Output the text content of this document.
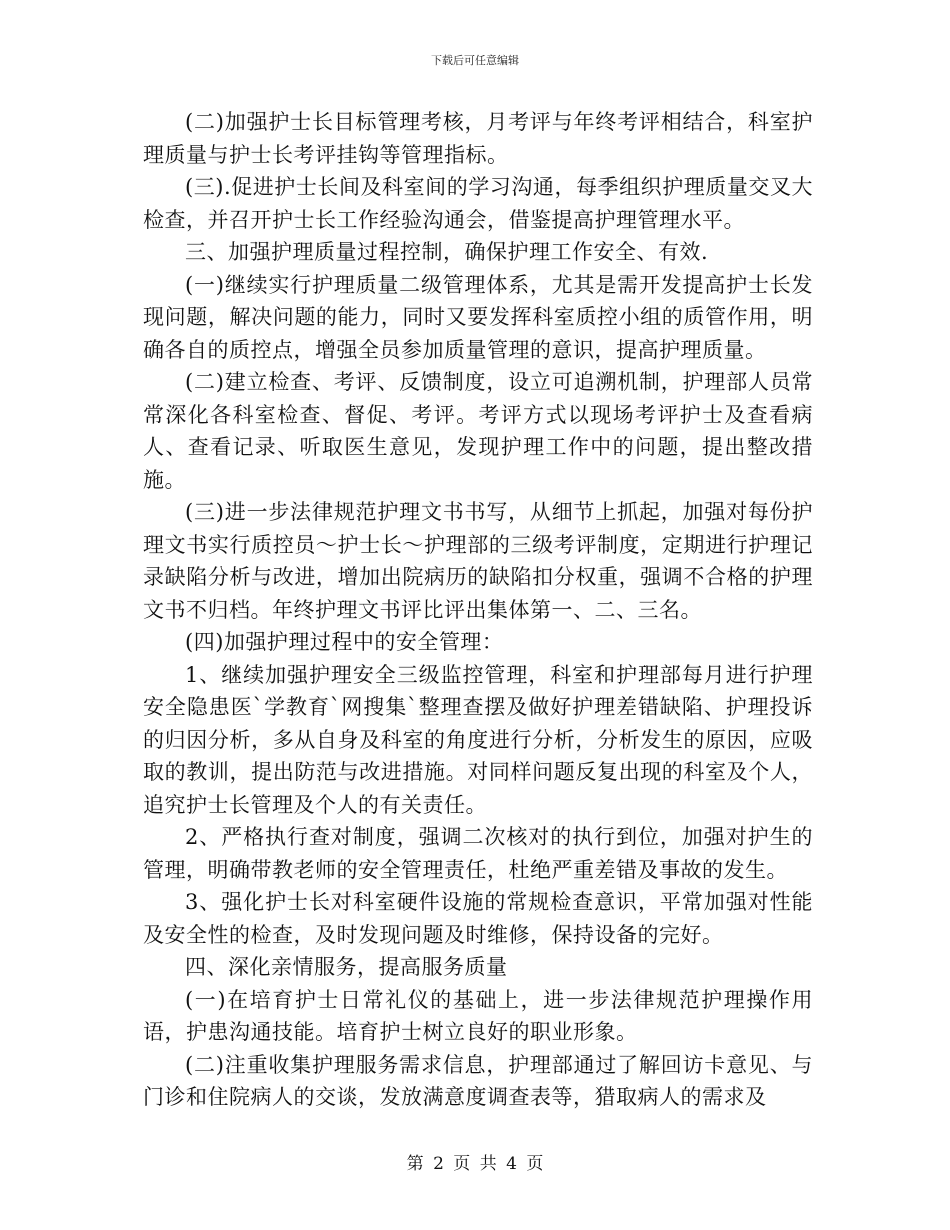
下载后可任意编辑

(二)加强护士长目标管理考核，月考评与年终考评相结合，科室护理质量与护士长考评挂钩等管理指标。

(三).促进护士长间及科室间的学习沟通，每季组织护理质量交叉大检查，并召开护士长工作经验沟通会，借鉴提高护理管理水平。

三、加强护理质量过程控制，确保护理工作安全、有效.

(一)继续实行护理质量二级管理体系，尤其是需开发提高护士长发现问题，解决问题的能力，同时又要发挥科室质控小组的质管作用，明确各自的质控点，增强全员参加质量管理的意识，提高护理质量。

(二)建立检查、考评、反馈制度，设立可追溯机制，护理部人员常常深化各科室检查、督促、考评。考评方式以现场考评护士及查看病人、查看记录、听取医生意见，发现护理工作中的问题，提出整改措施。

(三)进一步法律规范护理文书书写，从细节上抓起，加强对每份护理文书实行质控员～护士长～护理部的三级考评制度，定期进行护理记录缺陷分析与改进，增加出院病历的缺陷扣分权重，强调不合格的护理文书不归档。年终护理文书评比评出集体第一、二、三名。

(四)加强护理过程中的安全管理：

1、继续加强护理安全三级监控管理，科室和护理部每月进行护理安全隐患医`学教育`网搜集`整理查摆及做好护理差错缺陷、护理投诉的归因分析，多从自身及科室的角度进行分析，分析发生的原因，应吸取的教训，提出防范与改进措施。对同样问题反复出现的科室及个人，追究护士长管理及个人的有关责任。

2、严格执行查对制度，强调二次核对的执行到位，加强对护生的管理，明确带教老师的安全管理责任，杜绝严重差错及事故的发生。

3、强化护士长对科室硬件设施的常规检查意识，平常加强对性能及安全性的检查，及时发现问题及时维修，保持设备的完好。

四、深化亲情服务，提高服务质量

(一)在培育护士日常礼仪的基础上，进一步法律规范护理操作用语，护患沟通技能。培育护士树立良好的职业形象。

(二)注重收集护理服务需求信息，护理部通过了解回访卡意见、与门诊和住院病人的交谈，发放满意度调查表等，猎取病人的需求及

第 2 页 共 4 页
